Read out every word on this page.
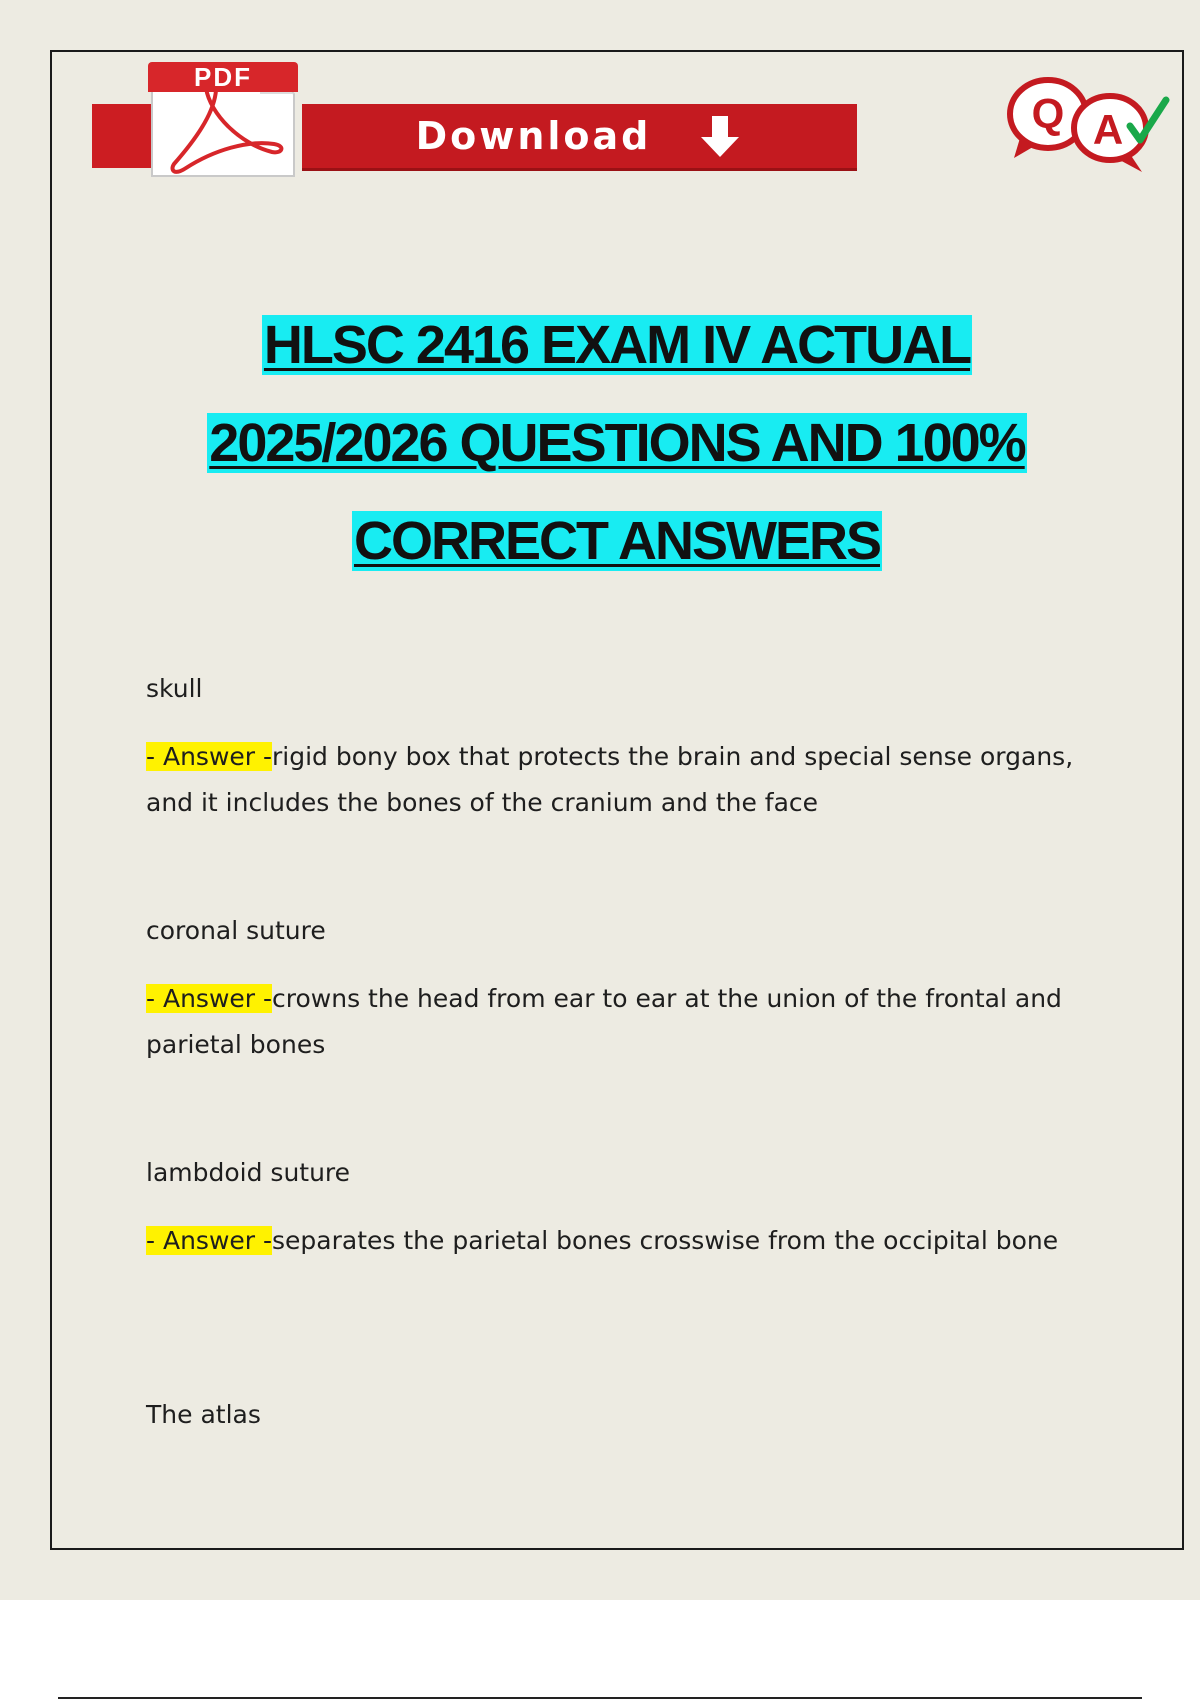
Download
PDF
Q A
HLSC 2416 EXAM IV ACTUAL
2025/2026 QUESTIONS AND 100%
CORRECT ANSWERS

skull

- Answer -rigid bony box that protects the brain and special sense organs, and it includes the bones of the cranium and the face

coronal suture

- Answer -crowns the head from ear to ear at the union of the frontal and parietal bones

lambdoid suture

- Answer -separates the parietal bones crosswise from the occipital bone

The atlas
